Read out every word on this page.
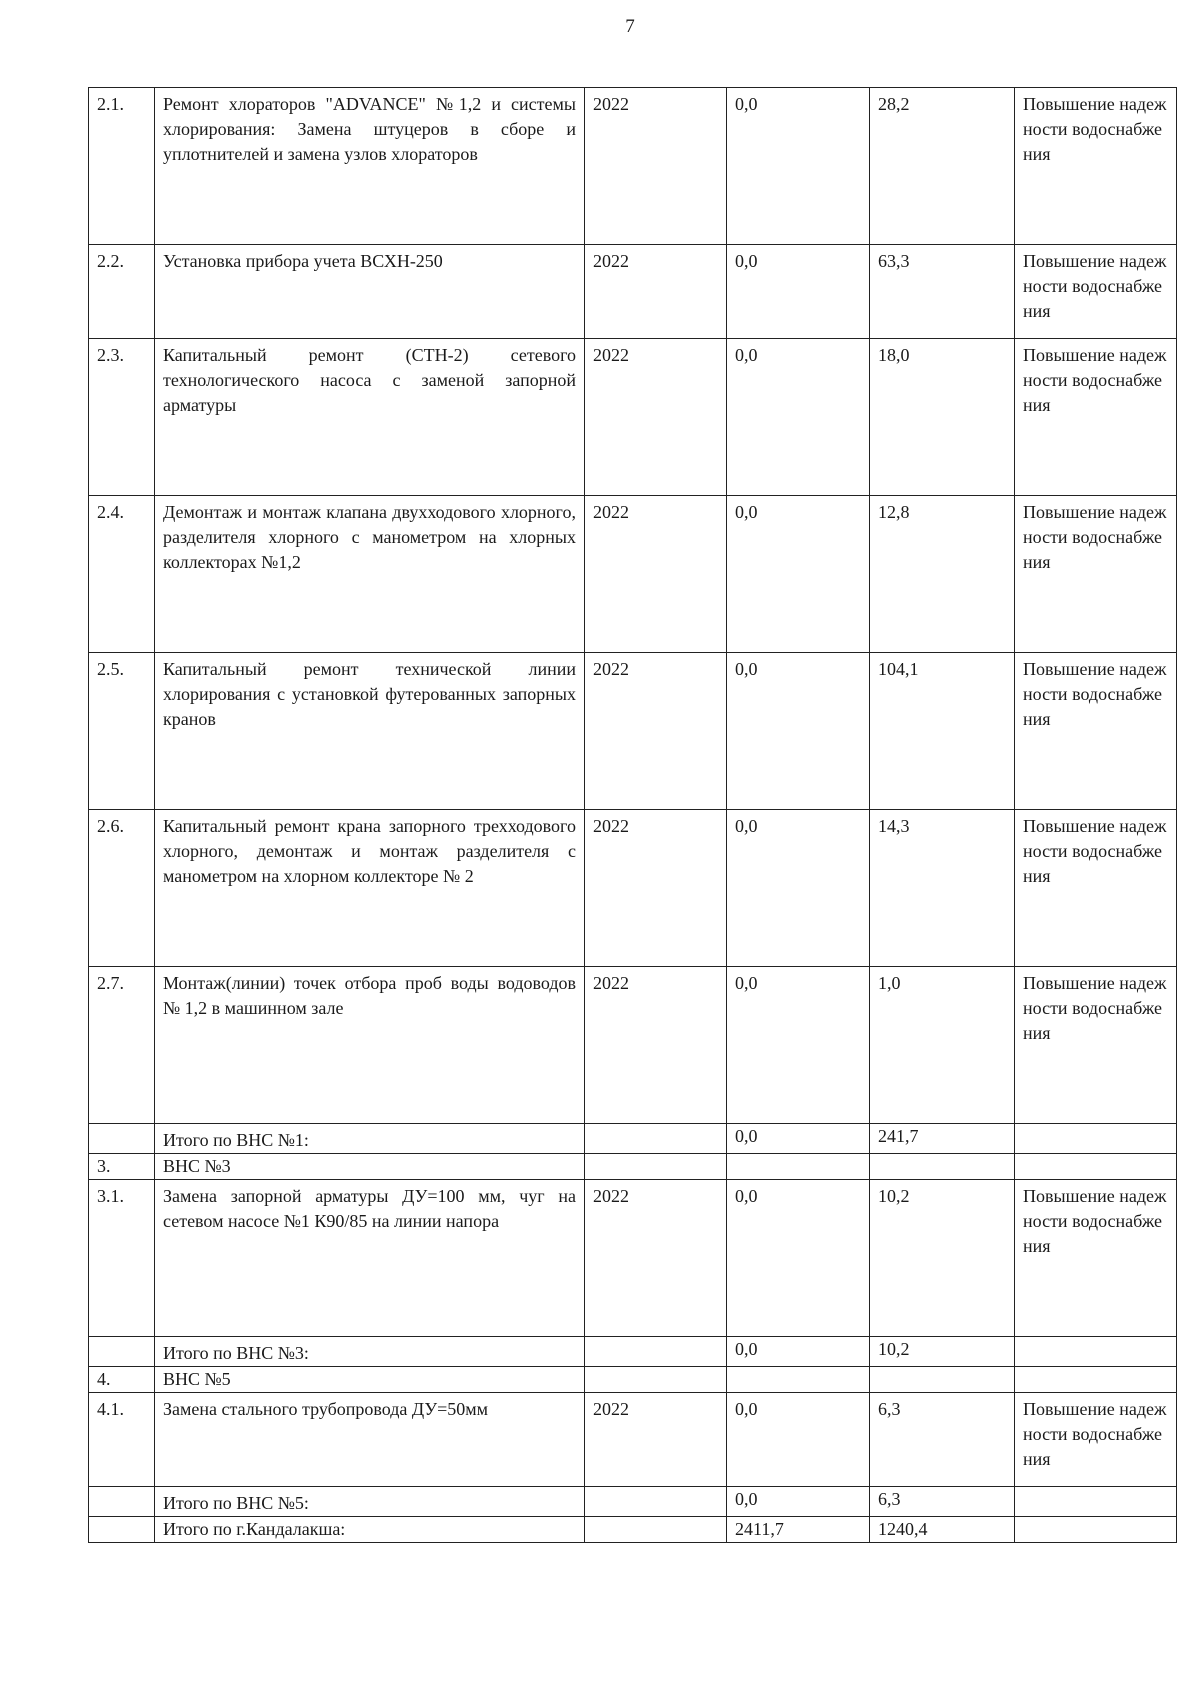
7
2.1.	Ремонт хлораторов "ADVANCE" №1,2 и системы хлорирования: Замена штуцеров в сборе и уплотнителей и замена узлов хлораторов	2022	0,0	28,2	Повышение надежности водоснабжения
2.2.	Установка прибора учета ВСХН-250	2022	0,0	63,3	Повышение надежности водоснабжения
2.3.	Капитальный ремонт (СТН-2) сетевого технологического насоса с заменой запорной арматуры	2022	0,0	18,0	Повышение надежности водоснабжения
2.4.	Демонтаж и монтаж клапана двухходового хлорного, разделителя хлорного с манометром на хлорных коллекторах №1,2	2022	0,0	12,8	Повышение надежности водоснабжения
2.5.	Капитальный ремонт технической линии хлорирования с установкой футерованных запорных кранов	2022	0,0	104,1	Повышение надежности водоснабжения
2.6.	Капитальный ремонт крана запорного трехходового хлорного, демонтаж и монтаж разделителя с манометром на хлорном коллекторе № 2	2022	0,0	14,3	Повышение надежности водоснабжения
2.7.	Монтаж(линии) точек отбора проб воды водоводов № 1,2 в машинном зале	2022	0,0	1,0	Повышение надежности водоснабжения
	Итого по ВНС №1:		0,0	241,7	
3.	ВНС №3				
3.1.	Замена запорной арматуры ДУ=100 мм, чуг на сетевом насосе №1 К90/85 на линии напора	2022	0,0	10,2	Повышение надежности водоснабжения
	Итого по ВНС №3:		0,0	10,2	
4.	ВНС №5				
4.1.	Замена стального трубопровода ДУ=50мм	2022	0,0	6,3	Повышение надежности водоснабжения
	Итого по ВНС №5:		0,0	6,3	
	Итого по г.Кандалакша:		2411,7	1240,4	
